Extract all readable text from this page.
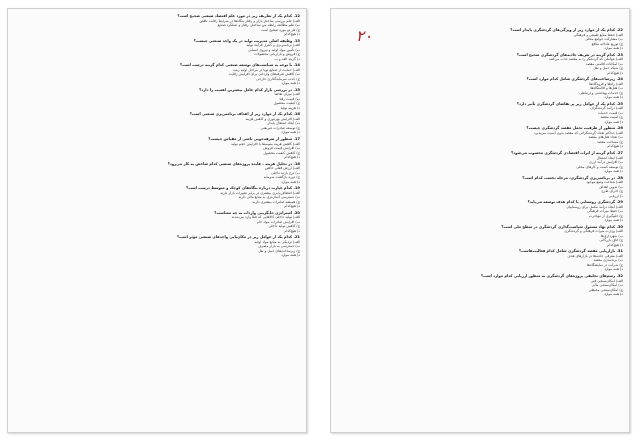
12. کدام یک از تعاریف زیر در مورد علم اقتصاد صنعتی صحیح است؟

الف) علم بررسی ساختار بازار و رفتار بنگاه‌ها در شرایط رقابت ناقص

ب) علم مطالعه رابطه بین ساختار، رفتار و عملکرد صنایع

ج) هر دو مورد صحیح است

د) هیچ‌کدام

13. وظیفه اصلی مدیریت تولید در یک واحد صنعتی چیست؟

الف) برنامه‌ریزی و کنترل فرآیند تولید

ب) تأمین مواد اولیه و نیروی انسانی

ج) فروش و بازاریابی محصولات

د) گزینه الف و ب

14. با توجه به سیاست‌های توسعه صنعتی کدام گزینه درست است؟

الف) حمایت از صنایع نوپا در مراحل اولیه رشد

ب) کاهش تعرفه‌های وارداتی برای افزایش رقابت

ج) جذب سرمایه‌گذاری خارجی

د) همه موارد

15. در بررسی بازار کدام عامل بیشترین اهمیت را دارد؟

الف) میزان تقاضا

ب) قیمت رقبا

ج) کیفیت محصول

د) هزینه تولید

16. کدام یک از موارد زیر از اهداف برنامه‌ریزی صنعتی است؟

الف) افزایش بهره‌وری و کاهش هزینه

ب) ایجاد اشتغال پایدار

ج) توسعه صادرات غیرنفتی

د) همه موارد

17. منظور از صرفه‌جویی ناشی از مقیاس چیست؟

الف) کاهش هزینه متوسط با افزایش حجم تولید

ب) افزایش قیمت فروش

ج) کاهش کیفیت محصول

د) هیچ‌کدام

18. در تحلیل هزینه – فایده پروژه‌های صنعتی کدام شاخص به کار می‌رود؟

الف) ارزش فعلی خالص

ب) نرخ بازده داخلی

ج) دوره بازگشت سرمایه

د) همه موارد

19. کدام عبارت درباره بنگاه‌های کوچک و متوسط درست است؟

الف) انعطاف‌پذیری بیشتری در برابر تغییرات بازار دارند

ب) دسترسی آسان‌تری به منابع مالی دارند

ج) همیشه صادرات بیشتری دارند

د) هیچ‌کدام

20. استراتژی جایگزینی واردات به چه معناست؟

الف) تولید داخلی کالاهایی که قبلاً وارد می‌شدند

ب) افزایش صادرات مواد خام

ج) کاهش تولید داخلی

د) هیچ‌کدام

21. کدام یک از عوامل زیر در مکان‌یابی واحدهای صنعتی مؤثر است؟

الف) نزدیکی به منابع مواد اولیه

ب) دسترسی به بازار مصرف

ج) زیرساخت‌های حمل و نقل

د) همه موارد

۲۰	22. کدام یک از موارد زیر از ویژگی‌های گردشگری پایدار است؟

الف) حفظ منابع طبیعی و فرهنگی

ب) مشارکت جوامع محلی

ج) توزیع عادلانه منافع

د) همه موارد

23. کدام گزینه در تعریف جاذبه‌های گردشگری صحیح است؟

الف) عواملی که گردشگر را به مقصد جذب می‌کنند

ب) امکانات اقامتی مقصد

ج) شبکه حمل و نقل

د) هیچ‌کدام

24. زیرساخت‌های گردشگری شامل کدام موارد است؟

الف) راه‌ها و فرودگاه‌ها

ب) هتل‌ها و اقامتگاه‌ها

ج) خدمات بهداشتی و ارتباطی

د) همه موارد

25. کدام یک از عوامل زیر بر تقاضای گردشگری تأثیر دارد؟

الف) درآمد گردشگران

ب) قیمت خدمات

ج) امنیت مقصد

د) همه موارد

26. منظور از ظرفیت تحمل مقصد گردشگری چیست؟

الف) حداکثر تعداد گردشگرانی که مقصد بدون آسیب می‌پذیرد

ب) تعداد هتل‌های مقصد

ج) مساحت مقصد

د) هیچ‌کدام

27. کدام گزینه از اثرات اقتصادی گردشگری محسوب می‌شود؟

الف) ایجاد اشتغال

ب) افزایش درآمد ارزی

ج) توسعه کسب و کارهای محلی

د) همه موارد

28. در برنامه‌ریزی گردشگری، مرحله نخست کدام است؟

الف) شناخت وضع موجود

ب) تدوین اهداف

ج) اجرای طرح

د) ارزیابی

29. گردشگری روستایی با کدام هدف توسعه می‌یابد؟

الف) ایجاد درآمد مکمل برای روستاییان

ب) حفظ میراث فرهنگی

ج) جلوگیری از مهاجرت

د) همه موارد

30. کدام نهاد مسئول سیاست‌گذاری گردشگری در سطح ملی است؟

الف) وزارت میراث فرهنگی و گردشگری

ب) شهرداری‌ها

ج) اتاق بازرگانی

د) هیچ‌کدام

31. بازاریابی مقصد گردشگری شامل کدام فعالیت‌هاست؟

الف) معرفی جاذبه‌ها در بازارهای هدف

ب) برندسازی مقصد

ج) شرکت در نمایشگاه‌ها

د) همه موارد

32. رسم‌های تخلیقی پروژه‌های گردشگری به منظور ارزیابی کدام موارد است؟

الف) امکان‌سنجی فنی

ب) امکان‌سنجی مالی

ج) امکان‌سنجی محیطی

د) همه موارد
